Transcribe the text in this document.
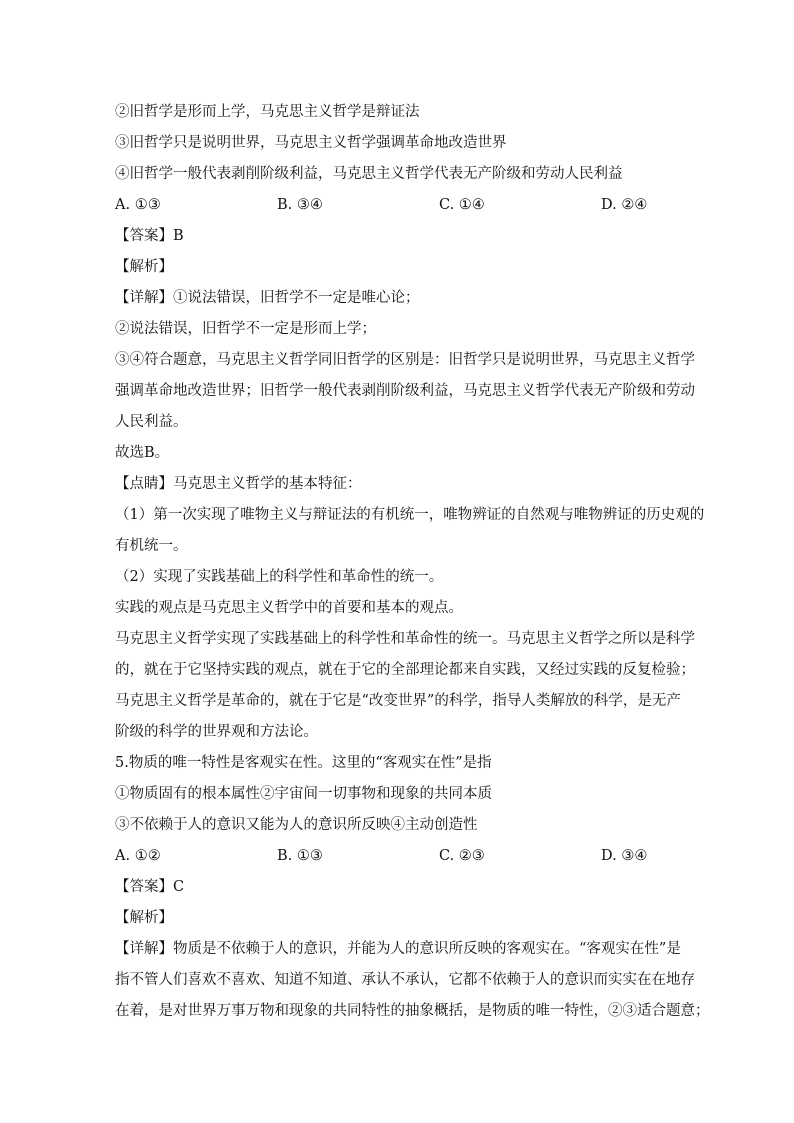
②旧哲学是形而上学，马克思主义哲学是辩证法
③旧哲学只是说明世界，马克思主义哲学强调革命地改造世界
④旧哲学一般代表剥削阶级利益，马克思主义哲学代表无产阶级和劳动人民利益
A. ①③	B. ③④	C. ①④	D. ②④
【答案】B
【解析】
【详解】①说法错误，旧哲学不一定是唯心论；
②说法错误，旧哲学不一定是形而上学；
③④符合题意，马克思主义哲学同旧哲学的区别是：旧哲学只是说明世界，马克思主义哲学
强调革命地改造世界；旧哲学一般代表剥削阶级利益，马克思主义哲学代表无产阶级和劳动
人民利益。
故选B。
【点睛】马克思主义哲学的基本特征：
（1）第一次实现了唯物主义与辩证法的有机统一，唯物辨证的自然观与唯物辨证的历史观的
有机统一。
（2）实现了实践基础上的科学性和革命性的统一。
实践的观点是马克思主义哲学中的首要和基本的观点。
马克思主义哲学实现了实践基础上的科学性和革命性的统一。马克思主义哲学之所以是科学
的，就在于它坚持实践的观点，就在于它的全部理论都来自实践，又经过实践的反复检验；
马克思主义哲学是革命的，就在于它是“改变世界”的科学，指导人类解放的科学，是无产
阶级的科学的世界观和方法论。
5.物质的唯一特性是客观实在性。这里的“客观实在性”是指
①物质固有的根本属性②宇宙间一切事物和现象的共同本质
③不依赖于人的意识又能为人的意识所反映④主动创造性
A. ①②	B. ①③	C. ②③	D. ③④
【答案】C
【解析】
【详解】物质是不依赖于人的意识，并能为人的意识所反映的客观实在。“客观实在性”是
指不管人们喜欢不喜欢、知道不知道、承认不承认，它都不依赖于人的意识而实实在在地存
在着，是对世界万事万物和现象的共同特性的抽象概括，是物质的唯一特性，②③适合题意；
